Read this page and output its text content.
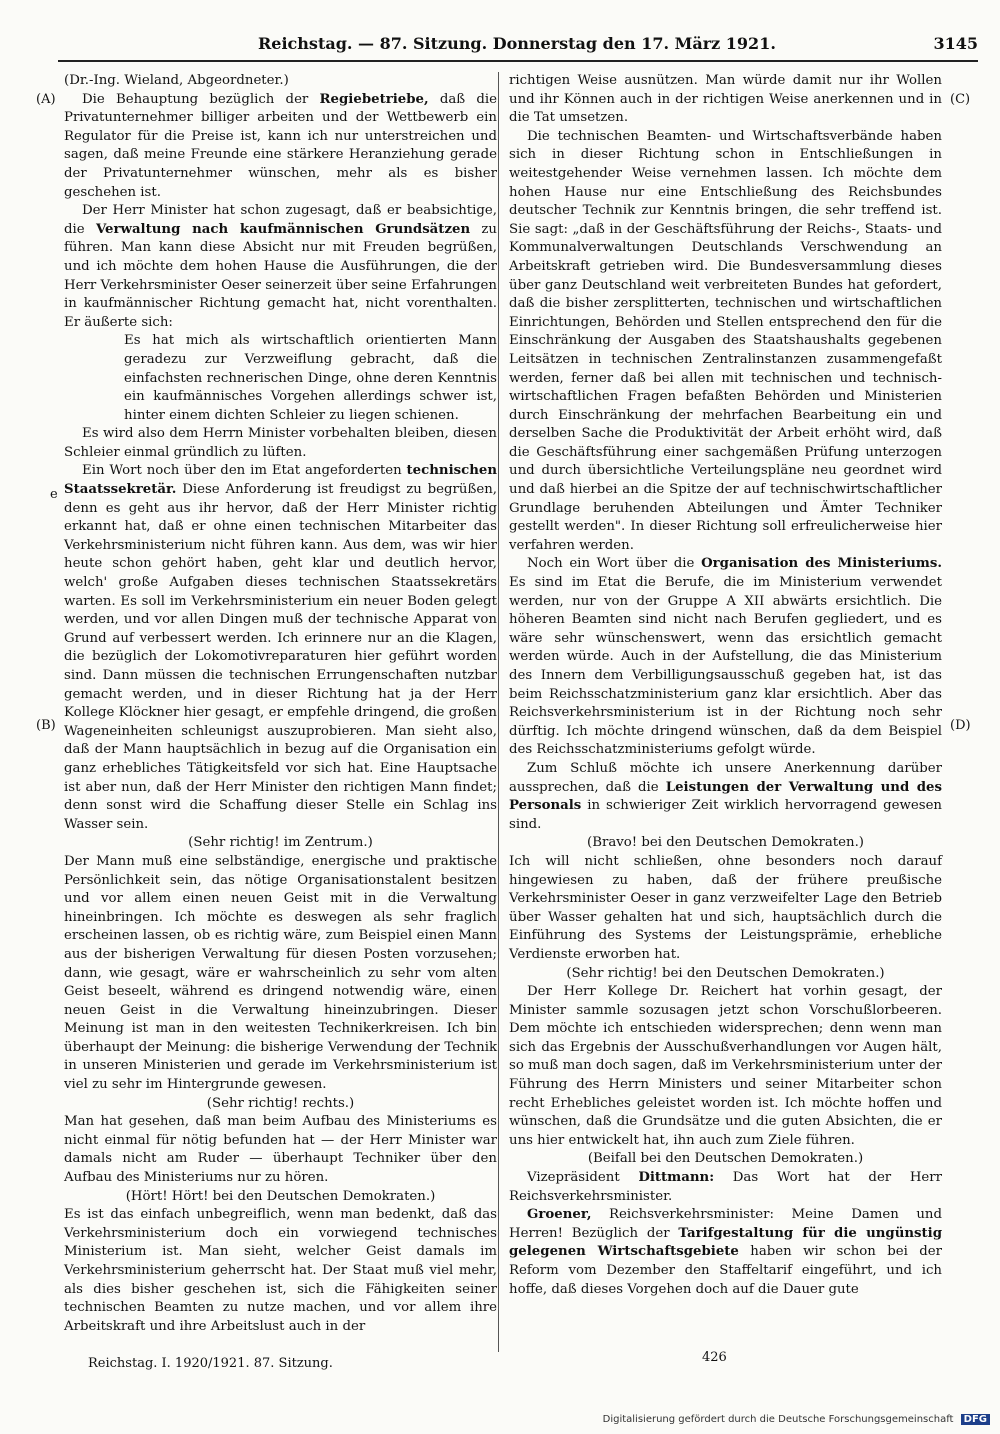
Reichstag. — 87. Sitzung. Donnerstag den 17. März 1921.	3145
(A)
e
(B)
(C)
(D)

(Dr.-Ing. Wieland, Abgeordneter.)

Die Behauptung bezüglich der Regiebetriebe, daß die Privatunternehmer billiger arbeiten und der Wettbewerb ein Regulator für die Preise ist, kann ich nur unterstreichen und sagen, daß meine Freunde eine stärkere Heranziehung gerade der Privatunternehmer wünschen, mehr als es bisher geschehen ist.

Der Herr Minister hat schon zugesagt, daß er beabsichtige, die Verwaltung nach kaufmännischen Grundsätzen zu führen. Man kann diese Absicht nur mit Freuden begrüßen, und ich möchte dem hohen Hause die Ausführungen, die der Herr Verkehrsminister Oeser seinerzeit über seine Erfahrungen in kaufmännischer Richtung gemacht hat, nicht vorenthalten. Er äußerte sich:

Es hat mich als wirtschaftlich orientierten Mann geradezu zur Verzweiflung gebracht, daß die einfachsten rechnerischen Dinge, ohne deren Kenntnis ein kaufmännisches Vorgehen allerdings schwer ist, hinter einem dichten Schleier zu liegen schienen.

Es wird also dem Herrn Minister vorbehalten bleiben, diesen Schleier einmal gründlich zu lüften.

Ein Wort noch über den im Etat angeforderten technischen Staatssekretär. Diese Anforderung ist freudigst zu begrüßen, denn es geht aus ihr hervor, daß der Herr Minister richtig erkannt hat, daß er ohne einen technischen Mitarbeiter das Verkehrsministerium nicht führen kann. Aus dem, was wir hier heute schon gehört haben, geht klar und deutlich hervor, welch' große Aufgaben dieses technischen Staatssekretärs warten. Es soll im Verkehrsministerium ein neuer Boden gelegt werden, und vor allen Dingen muß der technische Apparat von Grund auf verbessert werden. Ich erinnere nur an die Klagen, die bezüglich der Lokomotivreparaturen hier geführt worden sind. Dann müssen die technischen Errungenschaften nutzbar gemacht werden, und in dieser Richtung hat ja der Herr Kollege Klöckner hier gesagt, er empfehle dringend, die großen Wageneinheiten schleunigst auszuprobieren. Man sieht also, daß der Mann hauptsächlich in bezug auf die Organisation ein ganz erhebliches Tätigkeitsfeld vor sich hat. Eine Hauptsache ist aber nun, daß der Herr Minister den richtigen Mann findet; denn sonst wird die Schaffung dieser Stelle ein Schlag ins Wasser sein.

(Sehr richtig! im Zentrum.)

Der Mann muß eine selbständige, energische und praktische Persönlichkeit sein, das nötige Organisationstalent besitzen und vor allem einen neuen Geist mit in die Verwaltung hineinbringen. Ich möchte es deswegen als sehr fraglich erscheinen lassen, ob es richtig wäre, zum Beispiel einen Mann aus der bisherigen Verwaltung für diesen Posten vorzusehen; dann, wie gesagt, wäre er wahrscheinlich zu sehr vom alten Geist beseelt, während es dringend notwendig wäre, einen neuen Geist in die Verwaltung hineinzubringen. Dieser Meinung ist man in den weitesten Technikerkreisen. Ich bin überhaupt der Meinung: die bisherige Verwendung der Technik in unseren Ministerien und gerade im Verkehrsministerium ist viel zu sehr im Hintergrunde gewesen.

(Sehr richtig! rechts.)

Man hat gesehen, daß man beim Aufbau des Ministeriums es nicht einmal für nötig befunden hat — der Herr Minister war damals nicht am Ruder — überhaupt Techniker über den Aufbau des Ministeriums nur zu hören.

(Hört! Hört! bei den Deutschen Demokraten.)

Es ist das einfach unbegreiflich, wenn man bedenkt, daß das Verkehrsministerium doch ein vorwiegend technisches Ministerium ist. Man sieht, welcher Geist damals im Verkehrsministerium geherrscht hat. Der Staat muß viel mehr, als dies bisher geschehen ist, sich die Fähigkeiten seiner technischen Beamten zu nutze machen, und vor allem ihre Arbeitskraft und ihre Arbeitslust auch in der

richtigen Weise ausnützen. Man würde damit nur ihr Wollen und ihr Können auch in der richtigen Weise anerkennen und in die Tat umsetzen.

Die technischen Beamten- und Wirtschaftsverbände haben sich in dieser Richtung schon in Entschließungen in weitestgehender Weise vernehmen lassen. Ich möchte dem hohen Hause nur eine Entschließung des Reichsbundes deutscher Technik zur Kenntnis bringen, die sehr treffend ist. Sie sagt: „daß in der Geschäftsführung der Reichs-, Staats- und Kommunalverwaltungen Deutschlands Verschwendung an Arbeitskraft getrieben wird. Die Bundesversammlung dieses über ganz Deutschland weit verbreiteten Bundes hat gefordert, daß die bisher zersplitterten, technischen und wirtschaftlichen Einrichtungen, Behörden und Stellen entsprechend den für die Einschränkung der Ausgaben des Staatshaushalts gegebenen Leitsätzen in technischen Zentralinstanzen zusammengefaßt werden, ferner daß bei allen mit technischen und technisch-wirtschaftlichen Fragen befaßten Behörden und Ministerien durch Einschränkung der mehrfachen Bearbeitung ein und derselben Sache die Produktivität der Arbeit erhöht wird, daß die Geschäftsführung einer sachgemäßen Prüfung unterzogen und durch übersichtliche Verteilungspläne neu geordnet wird und daß hierbei an die Spitze der auf technischwirtschaftlicher Grundlage beruhenden Abteilungen und Ämter Techniker gestellt werden". In dieser Richtung soll erfreulicherweise hier verfahren werden.

Noch ein Wort über die Organisation des Ministeriums. Es sind im Etat die Berufe, die im Ministerium verwendet werden, nur von der Gruppe A XII abwärts ersichtlich. Die höheren Beamten sind nicht nach Berufen gegliedert, und es wäre sehr wünschenswert, wenn das ersichtlich gemacht werden würde. Auch in der Aufstellung, die das Ministerium des Innern dem Verbilligungsausschuß gegeben hat, ist das beim Reichsschatzministerium ganz klar ersichtlich. Aber das Reichsverkehrsministerium ist in der Richtung noch sehr dürftig. Ich möchte dringend wünschen, daß da dem Beispiel des Reichsschatzministeriums gefolgt würde.

Zum Schluß möchte ich unsere Anerkennung darüber aussprechen, daß die Leistungen der Verwaltung und des Personals in schwieriger Zeit wirklich hervorragend gewesen sind.

(Bravo! bei den Deutschen Demokraten.)

Ich will nicht schließen, ohne besonders noch darauf hingewiesen zu haben, daß der frühere preußische Verkehrsminister Oeser in ganz verzweifelter Lage den Betrieb über Wasser gehalten hat und sich, hauptsächlich durch die Einführung des Systems der Leistungsprämie, erhebliche Verdienste erworben hat.

(Sehr richtig! bei den Deutschen Demokraten.)

Der Herr Kollege Dr. Reichert hat vorhin gesagt, der Minister sammle sozusagen jetzt schon Vorschußlorbeeren. Dem möchte ich entschieden widersprechen; denn wenn man sich das Ergebnis der Ausschußverhandlungen vor Augen hält, so muß man doch sagen, daß im Verkehrsministerium unter der Führung des Herrn Ministers und seiner Mitarbeiter schon recht Erhebliches geleistet worden ist. Ich möchte hoffen und wünschen, daß die Grundsätze und die guten Absichten, die er uns hier entwickelt hat, ihn auch zum Ziele führen.

(Beifall bei den Deutschen Demokraten.)

Vizepräsident Dittmann: Das Wort hat der Herr Reichsverkehrsminister.

Groener, Reichsverkehrsminister: Meine Damen und Herren! Bezüglich der Tarifgestaltung für die ungünstig gelegenen Wirtschaftsgebiete haben wir schon bei der Reform vom Dezember den Staffeltarif eingeführt, und ich hoffe, daß dieses Vorgehen doch auf die Dauer gute

Reichstag. I. 1920/1921. 87. Sitzung.	426
Digitalisierung gefördert durch die Deutsche Forschungsgemeinschaft DFG
